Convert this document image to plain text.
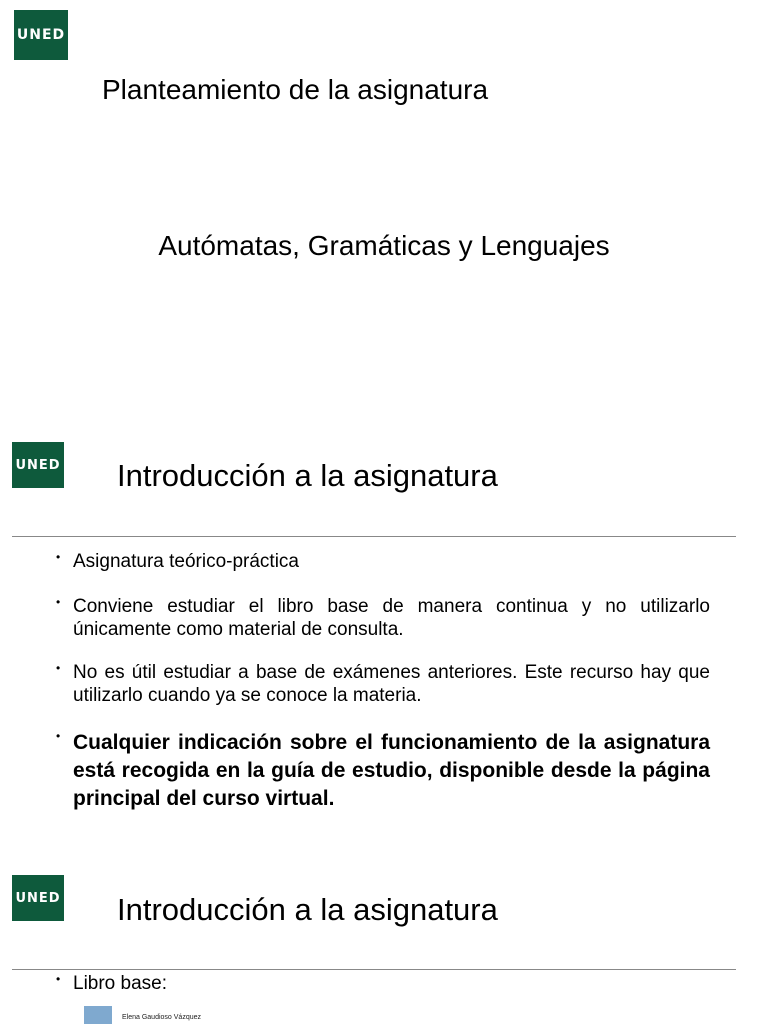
UNED
Planteamiento de la asignatura
Autómatas, Gramáticas y Lenguajes
UNED Introducción a la asignatura
• Asignatura teórico-práctica
• Conviene estudiar el libro base de manera continua y no utilizarlo únicamente como material de consulta.
• No es útil estudiar a base de exámenes anteriores. Este recurso hay que utilizarlo cuando ya se conoce la materia.
• Cualquier indicación sobre el funcionamiento de la asignatura está recogida en la guía de estudio, disponible desde la página principal del curso virtual.
UNED Introducción a la asignatura
• Libro base:
Elena Gaudioso Vázquez
